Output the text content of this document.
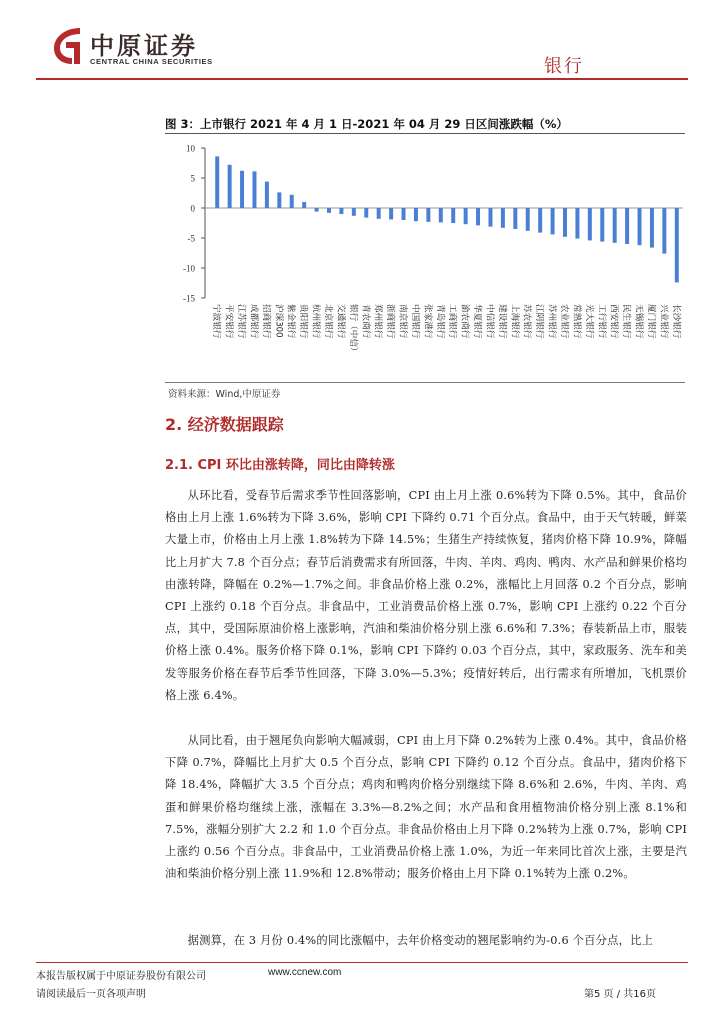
中原证券
CENTRAL CHINA SECURITIES	银行
图 3：上市银行 2021 年 4 月 1 日-2021 年 04 月 29 日区间涨跌幅（%）
10
5
0
-5
-10
-15
宁波银行 平安银行 江苏银行 成都银行 招商银行 沪深300 紫金银行 贵阳银行 杭州银行 北京银行 交通银行 银行（中信） 青农商行 郑州银行 浙商银行 南京银行 中国银行 张家港行 青岛银行 工商银行 渝农商行 华夏银行 中信银行 建设银行 上海银行 苏农银行 江阴银行 苏州银行 农业银行 常熟银行 光大银行 工行银行 西安银行 民生银行 无锡银行 厦门银行 兴业银行 长沙银行
资料来源：Wind,中原证券
2. 经济数据跟踪
2.1. CPI 环比由涨转降，同比由降转涨
从环比看，受春节后需求季节性回落影响，CPI 由上月上涨 0.6%转为下降 0.5%。其中，食品价格由上月上涨 1.6%转为下降 3.6%，影响 CPI 下降约 0.71 个百分点。食品中，由于天气转暖，鲜菜大量上市，价格由上月上涨 1.8%转为下降 14.5%；生猪生产持续恢复，猪肉价格下降 10.9%，降幅比上月扩大 7.8 个百分点；春节后消费需求有所回落，牛肉、羊肉、鸡肉、鸭肉、水产品和鲜果价格均由涨转降，降幅在 0.2%—1.7%之间。非食品价格上涨 0.2%，涨幅比上月回落 0.2 个百分点，影响 CPI 上涨约 0.18 个百分点。非食品中，工业消费品价格上涨 0.7%，影响 CPI 上涨约 0.22 个百分点，其中，受国际原油价格上涨影响，汽油和柴油价格分别上涨 6.6%和 7.3%；春装新品上市，服装价格上涨 0.4%。服务价格下降 0.1%，影响 CPI 下降约 0.03 个百分点，其中，家政服务、洗车和美发等服务价格在春节后季节性回落，下降 3.0%—5.3%；疫情好转后，出行需求有所增加，飞机票价格上涨 6.4%。
从同比看，由于翘尾负向影响大幅减弱，CPI 由上月下降 0.2%转为上涨 0.4%。其中，食品价格下降 0.7%，降幅比上月扩大 0.5 个百分点，影响 CPI 下降约 0.12 个百分点。食品中，猪肉价格下降 18.4%，降幅扩大 3.5 个百分点；鸡肉和鸭肉价格分别继续下降 8.6%和 2.6%，牛肉、羊肉、鸡蛋和鲜果价格均继续上涨，涨幅在 3.3%—8.2%之间；水产品和食用植物油价格分别上涨 8.1%和 7.5%，涨幅分别扩大 2.2 和 1.0 个百分点。非食品价格由上月下降 0.2%转为上涨 0.7%，影响 CPI 上涨约 0.56 个百分点。非食品中，工业消费品价格上涨 1.0%，为近一年来同比首次上涨，主要是汽油和柴油价格分别上涨 11.9%和 12.8%带动；服务价格由上月下降 0.1%转为上涨 0.2%。
据测算，在 3 月份 0.4%的同比涨幅中，去年价格变动的翘尾影响约为-0.6 个百分点，比上
本报告版权属于中原证券股份有限公司	www.ccnew.com
请阅读最后一页各项声明	第5 页 / 共16页
